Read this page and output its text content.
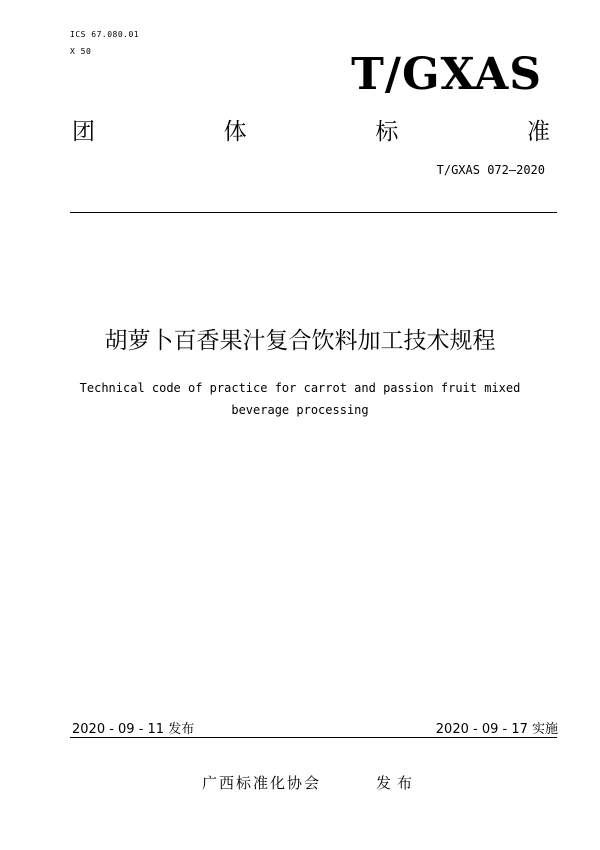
ICS 67.080.01
X 50	T/GXAS
团	体	标	准
T/GXAS 072—2020
胡萝卜百香果汁复合饮料加工技术规程
Technical code of practice for carrot and passion fruit mixed beverage processing
2020 - 09 - 11 发布	2020 - 09 - 17 实施
广西标准化协会	发布
